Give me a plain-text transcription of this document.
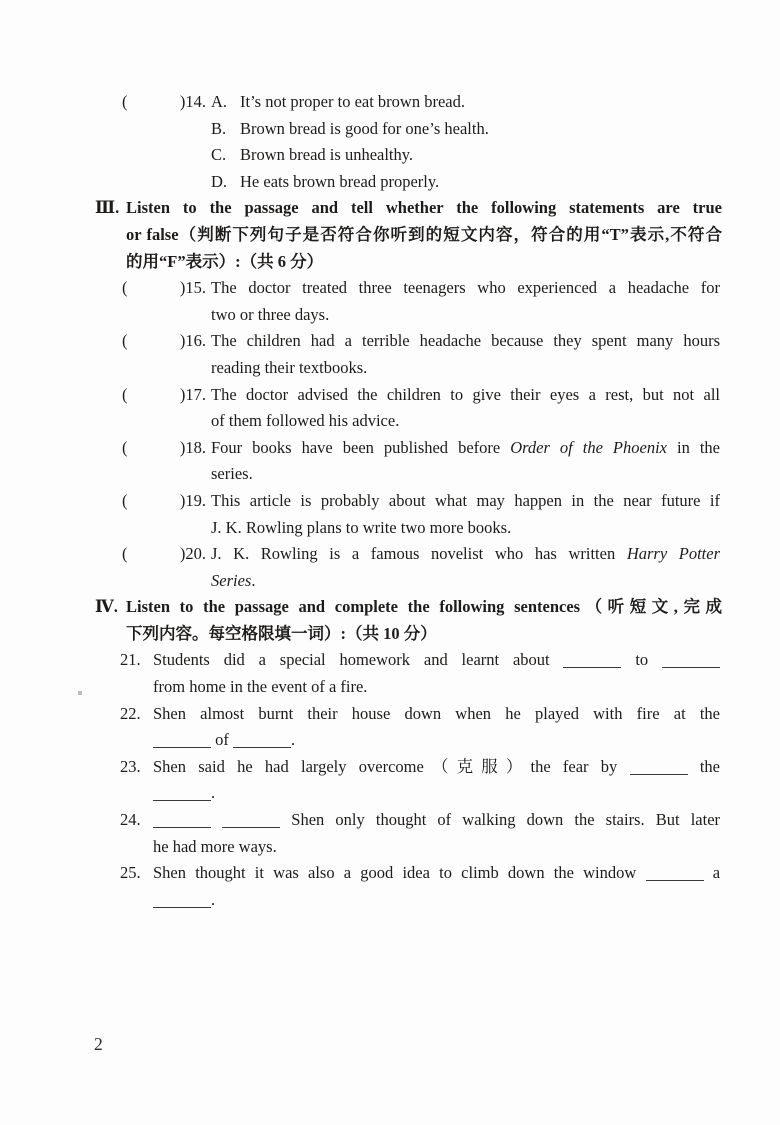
(	)14. A. It’s not proper to eat brown bread.
B. Brown bread is good for one’s health.
C. Brown bread is unhealthy.
D. He eats brown bread properly.
Ⅲ. Listen to the passage and tell whether the following statements are true
or false（判断下列句子是否符合你听到的短文内容，符合的用“T”表示,不符合
的用“F”表示）:（共 6 分）
(	)15. The doctor treated three teenagers who experienced a headache for
two or three days.
(	)16. The children had a terrible headache because they spent many hours
reading their textbooks.
(	)17. The doctor advised the children to give their eyes a rest, but not all
of them followed his advice.
(	)18. Four books have been published before Order of the Phoenix in the
series.
(	)19. This article is probably about what may happen in the near future if
J. K. Rowling plans to write two more books.
(	)20. J. K. Rowling is a famous novelist who has written Harry Potter
Series.
Ⅳ. Listen to the passage and complete the following sentences（听短文,完成
下列内容。每空格限填一词）:（共 10 分）
21. Students did a special homework and learnt about	to
from home in the event of a fire.
22. Shen almost burnt their house down when he played with fire at the
of	.
23. Shen said he had largely overcome（克服）the fear by	the
.
24.	Shen only thought of walking down the stairs. But later
he had more ways.
25. Shen thought it was also a good idea to climb down the window	a
.
2
